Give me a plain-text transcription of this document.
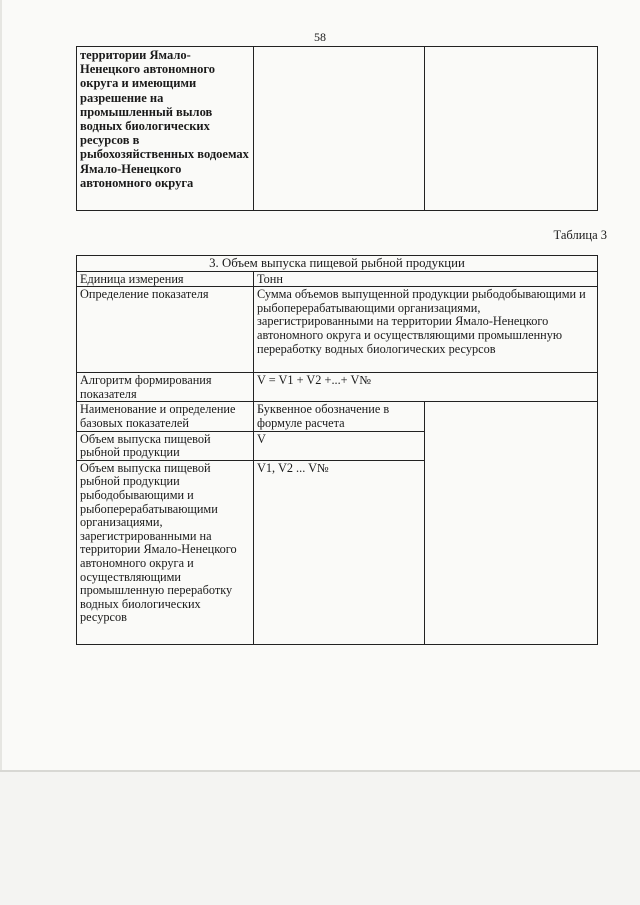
58
территории Ямало-Ненецкого автономного округа и имеющими разрешение на промышленный вылов водных биологических ресурсов в рыбохозяйственных водоемах Ямало-Ненецкого автономного округа		
Таблица 3
3. Объем выпуска пищевой рыбной продукции		
Единица измерения	Тонн	
Определение показателя	Сумма объемов выпущенной продукции рыбодобывающими и рыбоперерабатывающими организациями, зарегистрированными на территории Ямало-Ненецкого автономного округа и осуществляющими промышленную переработку водных биологических ресурсов	
Алгоритм формирования показателя	V = V1 + V2 +...+ V№	
Наименование и определение базовых показателей	Буквенное обозначение в формуле расчета	
Объем выпуска пищевой рыбной продукции	V	
Объем выпуска пищевой рыбной продукции рыбодобывающими и рыбоперерабатывающими организациями, зарегистрированными на территории Ямало-Ненецкого автономного округа и осуществляющими промышленную переработку водных биологических ресурсов	V1, V2 ... V№	
